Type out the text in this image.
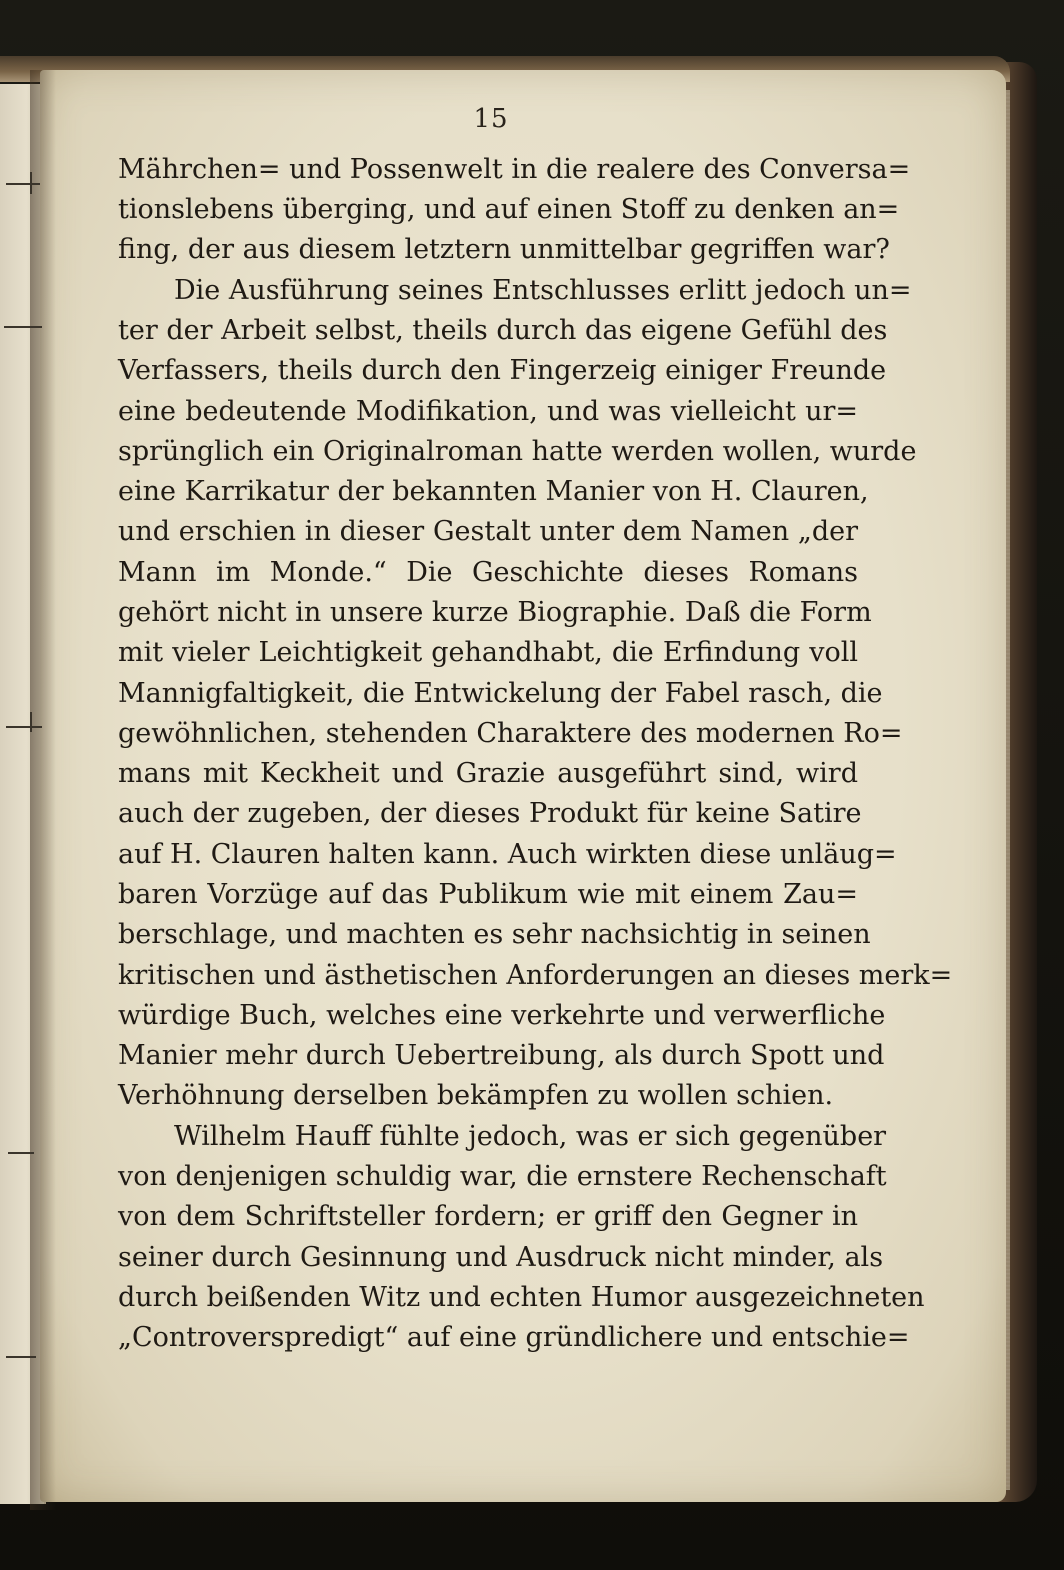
15
Mährchen= und Possenwelt in die realere des Conversa=
tionslebens überging, und auf einen Stoff zu denken an=
fing, der aus diesem letztern unmittelbar gegriffen war?
Die Ausführung seines Entschlusses erlitt jedoch un=
ter der Arbeit selbst, theils durch das eigene Gefühl des
Verfassers, theils durch den Fingerzeig einiger Freunde
eine bedeutende Modifikation, und was vielleicht ur=
sprünglich ein Originalroman hatte werden wollen, wurde
eine Karrikatur der bekannten Manier von H. Clauren,
und erschien in dieser Gestalt unter dem Namen „der
Mann im Monde.“ Die Geschichte dieses Romans
gehört nicht in unsere kurze Biographie. Daß die Form
mit vieler Leichtigkeit gehandhabt, die Erfindung voll
Mannigfaltigkeit, die Entwickelung der Fabel rasch, die
gewöhnlichen, stehenden Charaktere des modernen Ro=
mans mit Keckheit und Grazie ausgeführt sind, wird
auch der zugeben, der dieses Produkt für keine Satire
auf H. Clauren halten kann. Auch wirkten diese unläug=
baren Vorzüge auf das Publikum wie mit einem Zau=
berschlage, und machten es sehr nachsichtig in seinen
kritischen und ästhetischen Anforderungen an dieses merk=
würdige Buch, welches eine verkehrte und verwerfliche
Manier mehr durch Uebertreibung, als durch Spott und
Verhöhnung derselben bekämpfen zu wollen schien.
Wilhelm Hauff fühlte jedoch, was er sich gegenüber
von denjenigen schuldig war, die ernstere Rechenschaft
von dem Schriftsteller fordern; er griff den Gegner in
seiner durch Gesinnung und Ausdruck nicht minder, als
durch beißenden Witz und echten Humor ausgezeichneten
„Controverspredigt“ auf eine gründlichere und entschie=
